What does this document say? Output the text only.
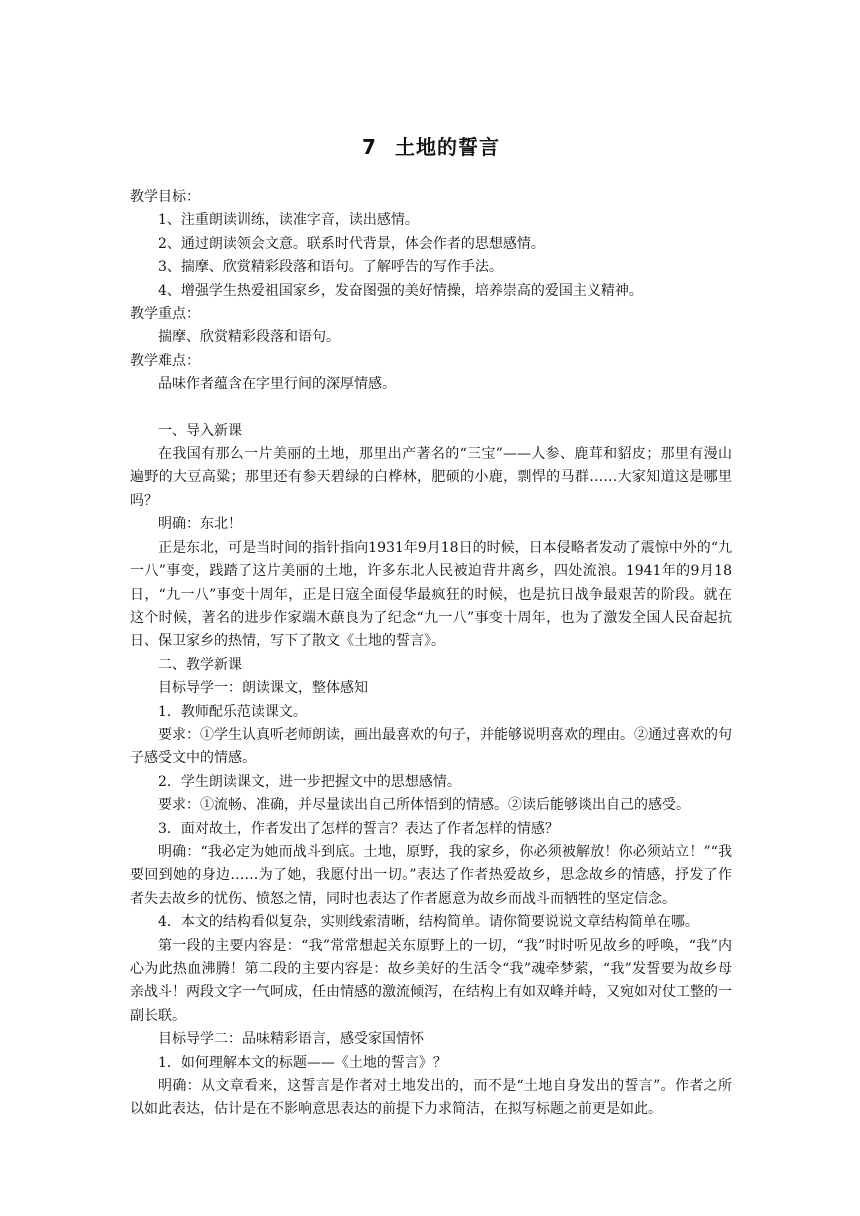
7 土地的誓言

教学目标：

1、注重朗读训练，读准字音，读出感情。

2、通过朗读领会文意。联系时代背景，体会作者的思想感情。

3、揣摩、欣赏精彩段落和语句。了解呼告的写作手法。

4、增强学生热爱祖国家乡，发奋图强的美好情操，培养崇高的爱国主义精神。

教学重点：

揣摩、欣赏精彩段落和语句。

教学难点：

品味作者蕴含在字里行间的深厚情感。

一、导入新课

在我国有那么一片美丽的土地，那里出产著名的“三宝”——人参、鹿茸和貂皮；那里有漫山遍野的大豆高粱；那里还有参天碧绿的白桦林，肥硕的小鹿，剽悍的马群……大家知道这是哪里吗？

明确：东北！

正是东北，可是当时间的指针指向1931年9月18日的时候，日本侵略者发动了震惊中外的“九一八”事变，践踏了这片美丽的土地，许多东北人民被迫背井离乡，四处流浪。1941年的9月18日，“九一八”事变十周年，正是日寇全面侵华最疯狂的时候，也是抗日战争最艰苦的阶段。就在这个时候，著名的进步作家端木蕻良为了纪念“九一八”事变十周年，也为了激发全国人民奋起抗日、保卫家乡的热情，写下了散文《土地的誓言》。

二、教学新课

目标导学一：朗读课文，整体感知

1．教师配乐范读课文。

要求：①学生认真听老师朗读，画出最喜欢的句子，并能够说明喜欢的理由。②通过喜欢的句子感受文中的情感。

2．学生朗读课文，进一步把握文中的思想感情。

要求：①流畅、准确，并尽量读出自己所体悟到的情感。②读后能够谈出自己的感受。

3．面对故土，作者发出了怎样的誓言？表达了作者怎样的情感？

明确：“我必定为她而战斗到底。土地，原野，我的家乡，你必须被解放！你必须站立！”“我要回到她的身边……为了她，我愿付出一切。”表达了作者热爱故乡，思念故乡的情感，抒发了作者失去故乡的忧伤、愤怒之情，同时也表达了作者愿意为故乡而战斗而牺牲的坚定信念。

4．本文的结构看似复杂，实则线索清晰，结构简单。请你简要说说文章结构简单在哪。

第一段的主要内容是：“我”常常想起关东原野上的一切，“我”时时听见故乡的呼唤，“我”内心为此热血沸腾！第二段的主要内容是：故乡美好的生活令“我”魂牵梦萦，“我”发誓要为故乡母亲战斗！两段文字一气呵成，任由情感的激流倾泻，在结构上有如双峰并峙，又宛如对仗工整的一副长联。

目标导学二：品味精彩语言，感受家国情怀

1．如何理解本文的标题——《土地的誓言》？

明确：从文章看来，这誓言是作者对土地发出的，而不是“土地自身发出的誓言”。作者之所以如此表达，估计是在不影响意思表达的前提下力求简洁，在拟写标题之前更是如此。
